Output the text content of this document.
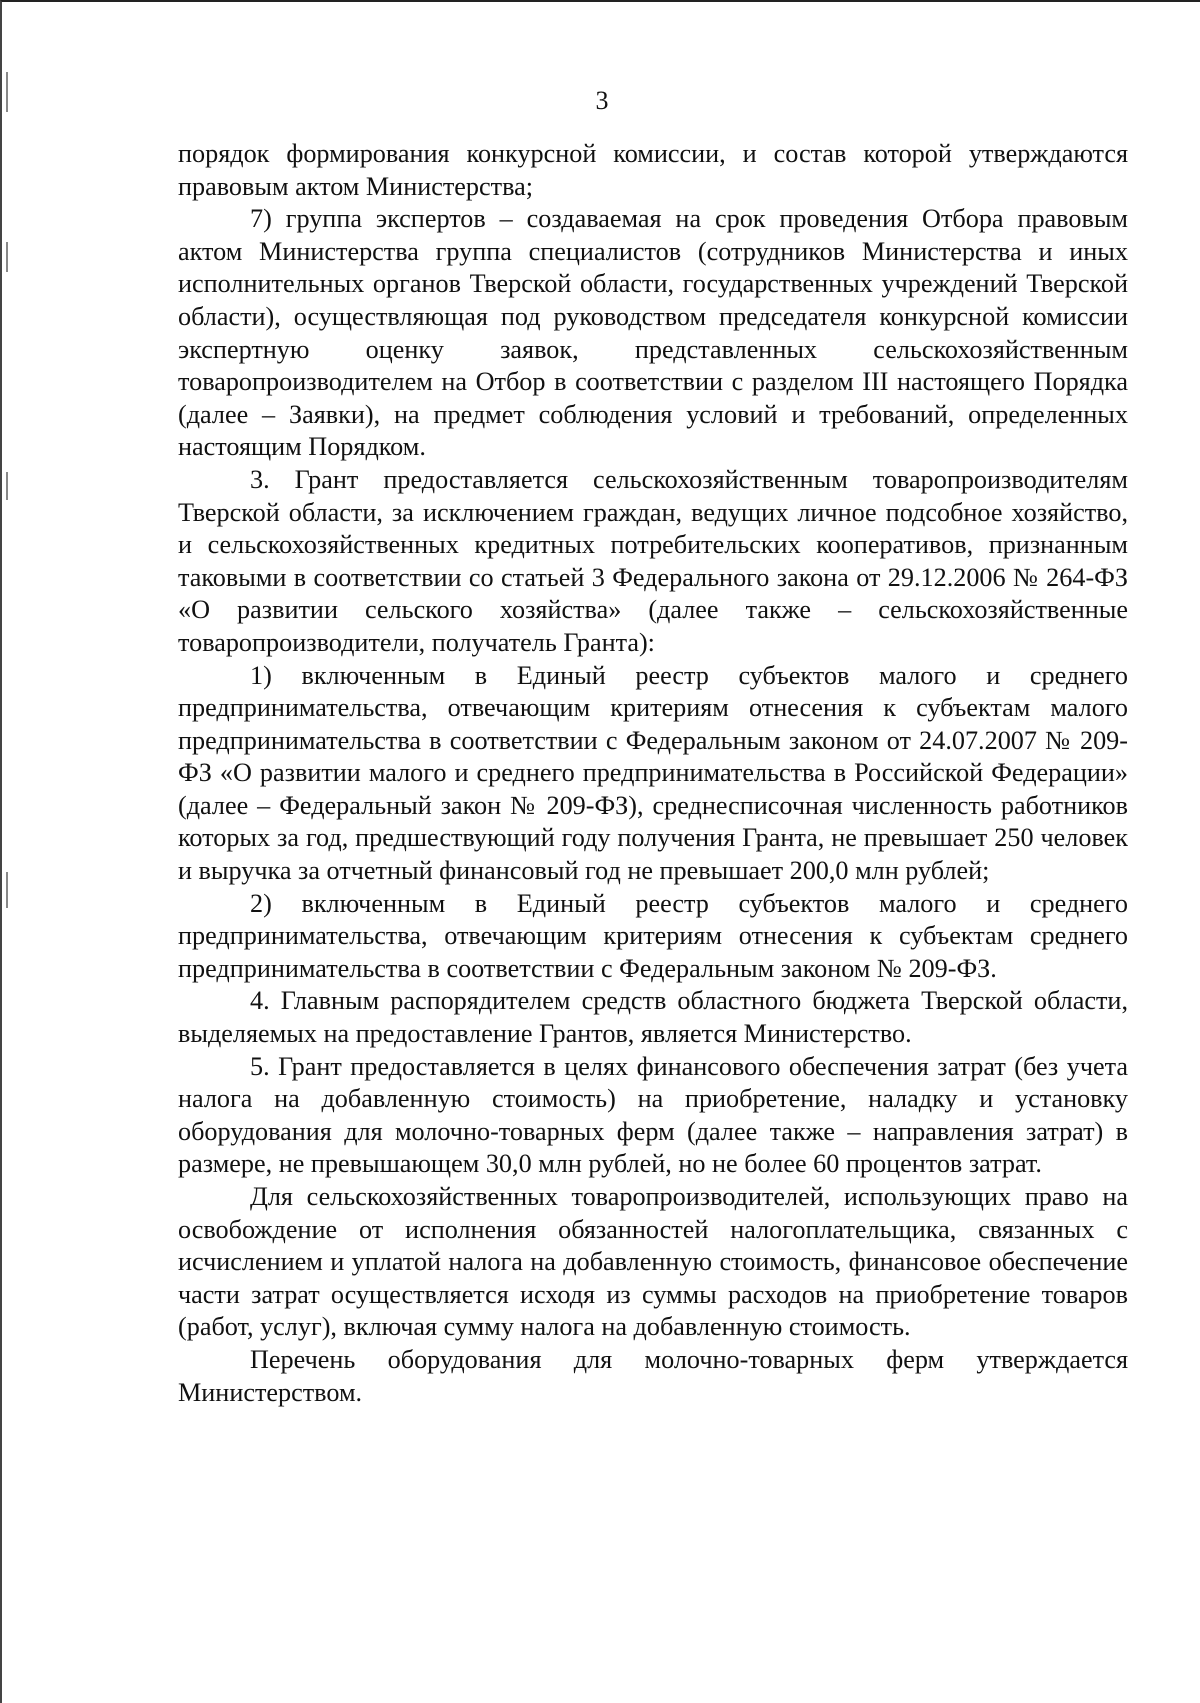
3

порядок формирования конкурсной комиссии, и состав которой утверждаются правовым актом Министерства;

7) группа экспертов – создаваемая на срок проведения Отбора правовым актом Министерства группа специалистов (сотрудников Министерства и иных исполнительных органов Тверской области, государственных учреждений Тверской области), осуществляющая под руководством председателя конкурсной комиссии экспертную оценку заявок, представленных сельскохозяйственным товаропроизводителем на Отбор в соответствии с разделом III настоящего Порядка (далее – Заявки), на предмет соблюдения условий и требований, определенных настоящим Порядком.

3. Грант предоставляется сельскохозяйственным товаропроизводителям Тверской области, за исключением граждан, ведущих личное подсобное хозяйство, и сельскохозяйственных кредитных потребительских кооперативов, признанным таковыми в соответствии со статьей 3 Федерального закона от 29.12.2006 № 264-ФЗ «О развитии сельского хозяйства» (далее также – сельскохозяйственные товаропроизводители, получатель Гранта):

1) включенным в Единый реестр субъектов малого и среднего предпринимательства, отвечающим критериям отнесения к субъектам малого предпринимательства в соответствии с Федеральным законом от 24.07.2007 № 209-ФЗ «О развитии малого и среднего предпринимательства в Российской Федерации» (далее – Федеральный закон № 209-ФЗ), среднесписочная численность работников которых за год, предшествующий году получения Гранта, не превышает 250 человек и выручка за отчетный финансовый год не превышает 200,0 млн рублей;

2) включенным в Единый реестр субъектов малого и среднего предпринимательства, отвечающим критериям отнесения к субъектам среднего предпринимательства в соответствии с Федеральным законом № 209-ФЗ.

4. Главным распорядителем средств областного бюджета Тверской области, выделяемых на предоставление Грантов, является Министерство.

5. Грант предоставляется в целях финансового обеспечения затрат (без учета налога на добавленную стоимость) на приобретение, наладку и установку оборудования для молочно-товарных ферм (далее также – направления затрат) в размере, не превышающем 30,0 млн рублей, но не более 60 процентов затрат.

Для сельскохозяйственных товаропроизводителей, использующих право на освобождение от исполнения обязанностей налогоплательщика, связанных с исчислением и уплатой налога на добавленную стоимость, финансовое обеспечение части затрат осуществляется исходя из суммы расходов на приобретение товаров (работ, услуг), включая сумму налога на добавленную стоимость.

Перечень оборудования для молочно-товарных ферм утверждается Министерством.
